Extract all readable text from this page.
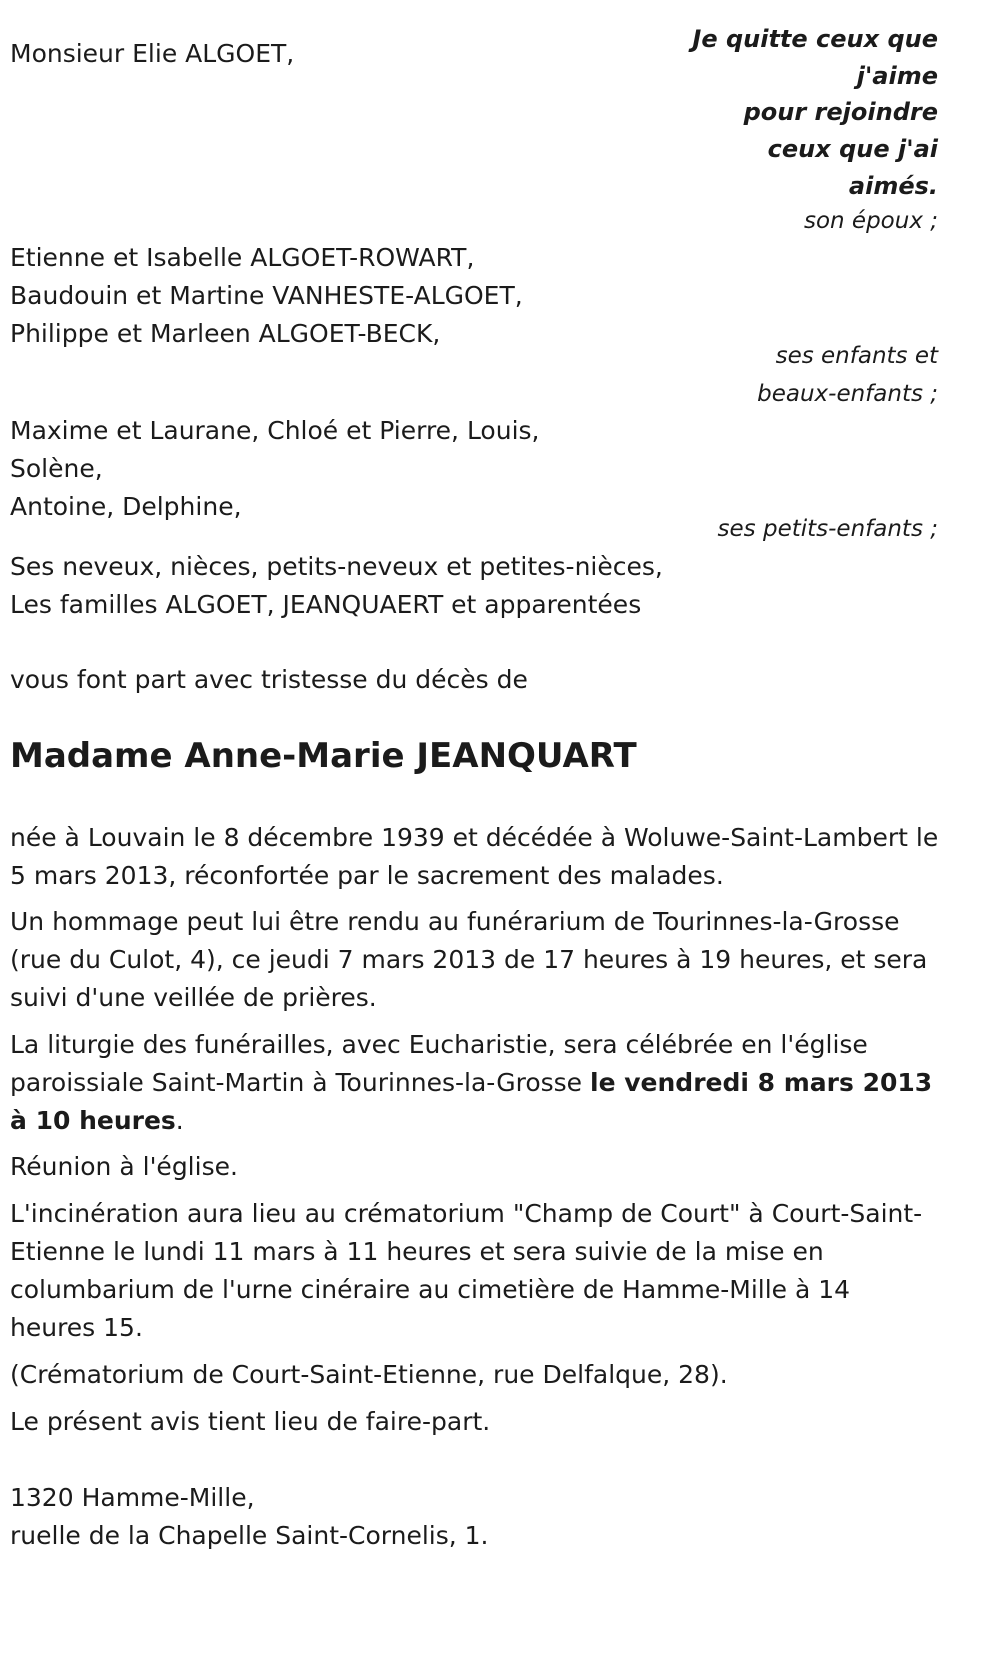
Monsieur Elie ALGOET,	Je quitte ceux que
j'aime
pour rejoindre
ceux que j'ai
aimés.
son époux ;
Etienne et Isabelle ALGOET-ROWART,
Baudouin et Martine VANHESTE-ALGOET,
Philippe et Marleen ALGOET-BECK,
ses enfants et
beaux-enfants ;
Maxime et Laurane, Chloé et Pierre, Louis,
Solène,
Antoine, Delphine,
ses petits-enfants ;
Ses neveux, nièces, petits-neveux et petites-nièces,
Les familles ALGOET, JEANQUAERT et apparentées
vous font part avec tristesse du décès de
Madame Anne-Marie JEANQUART
née à Louvain le 8 décembre 1939 et décédée à Woluwe-Saint-Lambert le 5 mars 2013, réconfortée par le sacrement des malades.
Un hommage peut lui être rendu au funérarium de Tourinnes-la-Grosse (rue du Culot, 4), ce jeudi 7 mars 2013 de 17 heures à 19 heures, et sera suivi d'une veillée de prières.
La liturgie des funérailles, avec Eucharistie, sera célébrée en l'église paroissiale Saint-Martin à Tourinnes-la-Grosse le vendredi 8 mars 2013 à 10 heures.
Réunion à l'église.
L'incinération aura lieu au crématorium "Champ de Court" à Court-Saint-Etienne le lundi 11 mars à 11 heures et sera suivie de la mise en columbarium de l'urne cinéraire au cimetière de Hamme-Mille à 14 heures 15.
(Crématorium de Court-Saint-Etienne, rue Delfalque, 28).
Le présent avis tient lieu de faire-part.
1320 Hamme-Mille,
ruelle de la Chapelle Saint-Cornelis, 1.
